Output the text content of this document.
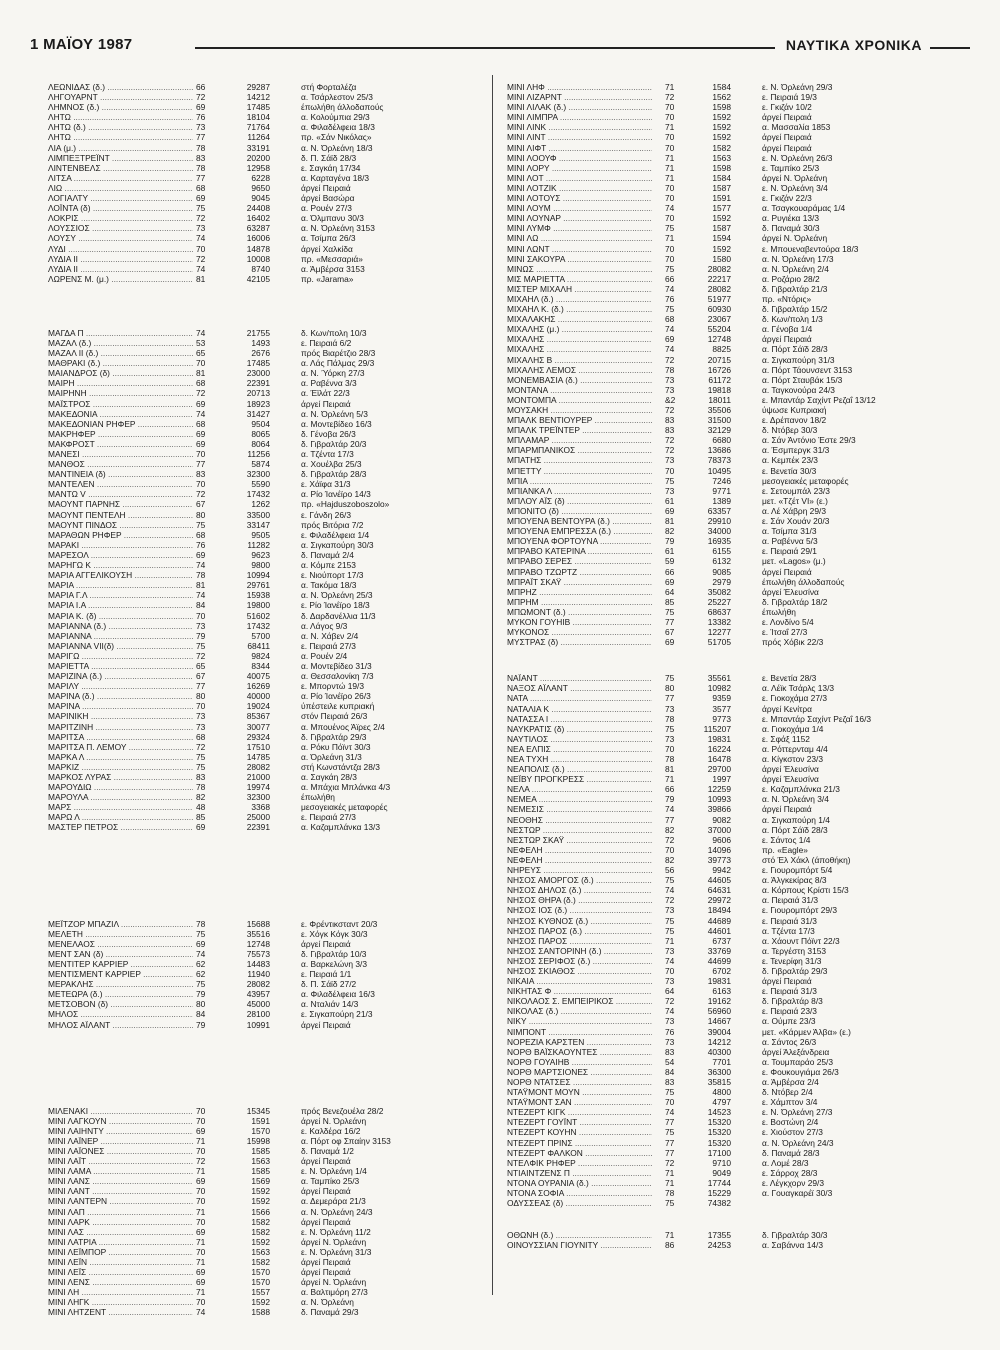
1 ΜΑΪΟΥ 1987	ΝΑΥΤΙΚΑ ΧΡΟΝΙΚΑ
ΛΕΩΝΙΔΑΣ (δ.) .....	66	29287	στή Φορταλέζα
ΛΗΓΟΥΑΡΝΤ .....	72	14212	α. Τσάρλεστον 25/3
ΛΗΜΝΟΣ (δ.) .....	69	17485	έπωλήθη άλλοδαπούς
ΛΗΤΩ .....	76	18104	α. Κολούμπια 29/3
ΛΗΤΩ (δ.) .....	73	71764	α. Φιλαδέλφεια 18/3
ΛΗΤΩ .....	77	11264	πρ. «Σάν Νικόλας»
ΛΙΑ (μ.) .....	78	33191	α. Ν. Όρλεάνη 18/3
ΛΙΜΠΕΞΤΡΕΪΝΤ .....	83	20200	δ. Π. Σάϊδ 28/3
ΛΙΝΤΕΝΒΕΛΣ .....	78	12958	ε. Σαγκάη 17/34
ΛΙΤΣΑ .....	77	6228	α. Καρταγένα 18/3
ΛΙΩ .....	68	9650	άργεί Πειραιά
ΛΟΓΙΑΛΤΥ .....	69	9045	άργεί Βασώρα
ΛΟΪΝΤΑ (δ) .....	75	24408	α. Ρουέν 27/3
ΛΟΚΡΙΣ .....	72	16402	α. Όλμπανυ 30/3
ΛΟΥΣΣΙΟΣ .....	73	63287	α. Ν. Όρλεάνη 3153
ΛΟΥΣΥ .....	74	16006	α. Τσίμπα 26/3
ΛΥΔΙ .....	70	14878	άργεί Χαλκίδα
ΛΥΔΙΑ ΙΙ .....	72	10008	πρ. «Μεσσαριά»
ΛΥΔΙΑ ΙΙ .....	74	8740	α. Άμβέρσα 3153
ΛΩΡΕΝΣ Μ. (μ.) .....	81	42105	πρ. «Jarama»
ΜΑΓΔΑ Π .....	74	21755	δ. Κων/πολη 10/3
ΜΑΖΑΛ (δ.) .....	53	1493	ε. Πειραιά 6/2
ΜΑΖΑΛ ΙΙ (δ.) .....	65	2676	πρός Βιαρέτζιο 28/3
ΜΑΘΡΑΚΙ (δ.) .....	70	17485	α. Λάς Πάλμας 29/3
ΜΑΙΑΝΔΡΟΣ (δ) .....	81	23000	α. Ν. Ύόρκη 27/3
ΜΑΙΡΗ .....	68	22391	α. Ραβέννα 3/3
ΜΑΙΡΗΝΗ .....	72	20713	α. Έϊλάτ 22/3
ΜΑΪΣΤΡΟΣ .....	69	18923	άργεί Πειραιά
ΜΑΚΕΔΟΝΙΑ .....	74	31427	α. Ν. Όρλεάνη 5/3
ΜΑΚΕΔΟΝΙΑΝ ΡΗΦΕΡ .....	68	9504	α. Μοντεβίδεο 16/3
ΜΑΚΡΗΦΕΡ .....	69	8065	δ. Γένοβα 26/3
ΜΑΚΦΡΟΣΤ .....	69	8064	δ. Γιβραλτάρ 20/3
ΜΑΝΕΣΙ .....	70	11256	α. Τζέντα 17/3
ΜΑΝΘΟΣ .....	77	5874	α. Χουέλβα 25/3
ΜΑΝΤΙΝΕΙΑ (δ) .....	83	32300	δ. Γιβραλτάρ 28/3
ΜΑΝΤΕΛΕΝ .....	70	5590	ε. Χάϊφα 31/3
ΜΑΝΤΩ V .....	72	17432	α. Ρίο Ίανέϊρο 14/3
ΜΑΟΥΝΤ ΠΑΡΝΗΣ .....	67	1262	πρ. «Hajduszoboszolo»
ΜΑΟΥΝΤ ΠΕΝΤΕΛΗ .....	80	33500	ε. Γάνδη 26/3
ΜΑΟΥΝΤ ΠΙΝΔΟΣ .....	75	33147	πρός Βιτόρια 7/2
ΜΑΡΑΘΩΝ ΡΗΦΕΡ .....	68	9505	ε. Φιλαδέλφεια 1/4
ΜΑΡΑΚΙ .....	76	11282	α. Σιγκαπούρη 30/3
ΜΑΡΕΣΟΛ .....	69	9623	δ. Παναμά 2/4
ΜΑΡΗΓΩ Κ .....	74	9800	α. Κόμπε 2153
ΜΑΡΙΑ ΑΓΓΕΛΙΚΟΥΣΗ .....	78	10994	ε. Νιούπορτ 17/3
ΜΑΡΙΑ .....	81	29761	α. Τακόμα 18/3
ΜΑΡΙΑ Γ.Λ .....	74	15938	α. Ν. Όρλεάνη 25/3
ΜΑΡΙΑ Ι.Α .....	84	19800	ε. Ρίο Ίανέϊρο 18/3
ΜΑΡΙΑ Κ. (δ) .....	70	51602	δ. Δαρδανέλλια 11/3
ΜΑΡΙΑΝΝΑ (δ.) .....	73	17432	α. Λάγος 9/3
ΜΑΡΙΑΝΝΑ .....	79	5700	α. Ν. Χάβεν 2/4
ΜΑΡΙΑΝΝΑ VII(δ) .....	75	68411	ε. Πειραιά 27/3
ΜΑΡΙΓΩ .....	72	9824	α. Ρουέν 2/4
ΜΑΡΙΕΤΤΑ .....	65	8344	α. Μοντεβίδεο 31/3
ΜΑΡΙΖΙΝΑ (δ.) .....	67	40075	α. Θεσσαλονίκη 7/3
ΜΑΡΙΛΥ .....	77	16269	ε. Μπορντώ 19/3
ΜΑΡΙΝΑ (δ.) .....	80	40000	α. Ρίο Ίανέϊρο 26/3
ΜΑΡΙΝΑ .....	70	19024	ύπέστειλε κυπριακή
ΜΑΡΙΝΙΚΗ .....	73	85367	στόν Πειραιά 26/3
ΜΑΡΙΤΖΙΝΗ .....	73	30077	α. Μπουένος Άϊρες 2/4
ΜΑΡΙΤΣΑ .....	68	29324	δ. Γιβραλτάρ 29/3
ΜΑΡΙΤΣΑ Π. ΛΕΜΟΥ .....	72	17510	α. Ρόκυ Πόϊντ 30/3
ΜΑΡΚΑ Λ .....	75	14785	α. Όρλεάνη 31/3
ΜΑΡΚΙΖ .....	75	28082	στή Κωνστάντζα 28/3
ΜΑΡΚΟΣ ΛΥΡΑΣ .....	83	21000	α. Σαγκάη 28/3
ΜΑΡΟΥΔΙΩ .....	78	19974	α. Μπάχια Μπλάνκα 4/3
ΜΑΡΟΥΛΑ .....	82	32300	έπωλήθη
ΜΑΡΣ .....	48	3368	μεσογειακές μεταφορές
ΜΑΡΩ Λ .....	85	25000	ε. Πειραιά 27/3
ΜΑΣΤΕΡ ΠΕΤΡΟΣ .....	69	22391	α. Καζαμπλάνκα 13/3
ΜΕΪΤΖΟΡ ΜΠΑΖΙΛ .....	78	15688	ε. Φρέντικσταντ 20/3
ΜΕΛΕΤΗ .....	75	35516	ε. Χόγκ Κόγκ 30/3
ΜΕΝΕΛΑΟΣ .....	69	12748	άργεί Πειραιά
ΜΕΝΤ ΣΑΝ (δ) .....	74	75573	δ. Γιβραλτάρ 10/3
ΜΕΝΤΙΤΕΡ ΚΑΡΡΙΕΡ .....	62	14483	α. Βαρκελώνη 3/3
ΜΕΝΤΙΣΜΕΝΤ ΚΑΡΡΙΕΡ .....	62	11940	ε. Πειραιά 1/1
ΜΕΡΑΚΛΗΣ .....	75	28082	δ. Π. Σάϊδ 27/2
ΜΕΤΕΩΡΑ (δ.) .....	79	43957	α. Φιλαδέλφεια 16/3
ΜΕΤΣΟΒΟΝ (δ) .....	80	45000	α. Νταλιάν 14/3
ΜΗΛΟΣ .....	84	28100	ε. Σιγκαπούρη 21/3
ΜΗΛΟΣ ΑΪΛΑΝΤ .....	79	10991	άργεί Πειραιά
ΜΙΛΕΝΑΚΙ .....	70	15345	πρός Βενεζουέλα 28/2
ΜΙΝΙ ΛΑΓΚΟΥΝ .....	70	1591	άργεί Ν. Όρλεάνη
ΜΙΝΙ ΛΑΙΗΝΤΥ .....	69	1570	ε. Καλδέρα 16/2
ΜΙΝΙ ΛΑΪΝΕΡ .....	71	15998	α. Πόρτ οφ Σπαίην 3153
ΜΙΝΙ ΛΑΪΟΝΕΣ .....	70	1585	δ. Παναμά 1/2
ΜΙΝΙ ΛΑΪΤ .....	72	1563	άργεί Πειραιά
ΜΙΝΙ ΛΑΜΑ .....	71	1585	ε. Ν. Όρλεάνη 1/4
ΜΙΝΙ ΛΑΝΣ .....	69	1569	α. Ταμπίκο 25/3
ΜΙΝΙ ΛΑΝΤ .....	70	1592	άργεί Πειραιά
ΜΙΝΙ ΛΑΝΤΕΡΝ .....	70	1592	α. Δεμεράρα 21/3
ΜΙΝΙ ΛΑΠ .....	71	1566	α. Ν. Όρλεάνη 24/3
ΜΙΝΙ ΛΑΡΚ .....	70	1582	άργεί Πειραιά
ΜΙΝΙ ΛΑΣ .....	69	1582	ε. Ν. Όρλεάνη 11/2
ΜΙΝΙ ΛΑΤΡΙΑ .....	71	1592	άργεί Ν. Όρλεάνη
ΜΙΝΙ ΛΕΪΜΠΟΡ .....	70	1563	ε. Ν. Όρλεάνη 31/3
ΜΙΝΙ ΛΕΪΝ .....	71	1582	άργεί Πειραιά
ΜΙΝΙ ΛΕΪΣ .....	69	1570	άργεί Πειραιά
ΜΙΝΙ ΛΕΝΣ .....	69	1570	άργεί Ν. Όρλεάνη
ΜΙΝΙ ΛΗ .....	71	1557	α. Βαλτιμόρη 27/3
ΜΙΝΙ ΛΗΓΚ .....	70	1592	α. Ν. Όρλεάνη
ΜΙΝΙ ΛΗΤΖΕΝΤ .....	74	1588	δ. Παναμά 29/3
ΜΙΝΙ ΛΗΦ .....	71	1584	ε. Ν. Όρλεάνη 29/3
ΜΙΝΙ ΛΙΖΑΡΝΤ .....	72	1562	ε. Πειραιά 19/3
ΜΙΝΙ ΛΙΛΑΚ (δ.) .....	70	1598	ε. Γκιζάν 10/2
ΜΙΝΙ ΛΙΜΠΡΑ .....	70	1592	άργεί Πειραιά
ΜΙΝΙ ΛΙΝΚ .....	71	1592	α. Μασσαλία 1853
ΜΙΝΙ ΛΙΝΤ .....	70	1592	άργεί Πειραιά
ΜΙΝΙ ΛΙΦΤ .....	70	1582	άργεί Πειραιά
ΜΙΝΙ ΛΟΟΥΦ .....	71	1563	ε. Ν. Όρλεάνη 26/3
ΜΙΝΙ ΛΟΡΥ .....	71	1598	ε. Ταμπίκο 25/3
ΜΙΝΙ ΛΟΤ .....	71	1584	άργεί Ν. Όρλεάνη
ΜΙΝΙ ΛΟΤΖΙΚ .....	70	1587	ε. Ν. Όρλεάνη 3/4
ΜΙΝΙ ΛΟΤΟΥΣ .....	70	1591	ε. Γκιζάν 22/3
ΜΙΝΙ ΛΟΥΜ .....	74	1577	α. Τσαγκουαράμας 1/4
ΜΙΝΙ ΛΟΥΝΑΡ .....	70	1592	α. Ρυγιέκα 13/3
ΜΙΝΙ ΛΥΜΦ .....	75	1587	δ. Παναμά 30/3
ΜΙΝΙ ΛΩ .....	71	1594	άργεί Ν. Όρλεάνη
ΜΙΝΙ ΛΩΝΤ .....	70	1592	ε. Μπουεναβεντούρα 18/3
ΜΙΝΙ ΣΑΚΟΥΡΑ .....	70	1580	α. Ν. Όρλεάνη 17/3
ΜΙΝΩΣ .....	75	28082	α. Ν. Όρλεάνη 2/4
ΜΙΣ ΜΑΡΙΕΤΤΑ .....	66	22217	α. Ροζάριο 28/2
ΜΙΣΤΕΡ ΜΙΧΑΛΗ .....	74	28082	δ. Γιβραλτάρ 21/3
ΜΙΧΑΗΛ (δ.) .....	76	51977	πρ. «Ντόρις»
ΜΙΧΑΗΛ Κ. (δ.) .....	75	60930	δ. Γιβραλτάρ 15/2
ΜΙΧΑΛΑΚΗΣ .....	68	23067	δ. Κων/πολη 1/3
ΜΙΧΑΛΗΣ (μ.) .....	74	55204	α. Γένοβα 1/4
ΜΙΧΑΛΗΣ .....	69	12748	άργεί Πειραιά
ΜΙΧΑΛΗΣ .....	74	8825	α. Πόρτ Σάϊδ 28/3
ΜΙΧΑΛΗΣ Β .....	72	20715	α. Σιγκαπούρη 31/3
ΜΙΧΑΛΗΣ ΛΕΜΟΣ .....	78	16726	α. Πόρτ Τάουνσεντ 3153
ΜΟΝΕΜΒΑΣΙΑ (δ.) .....	73	61172	α. Πόρτ Σταυβάκ 15/3
ΜΟΝΤΑΝΑ .....	73	19818	α. Ταγκονούρα 24/3
ΜΟΝΤΟΜΠΑ .....	&2	18011	ε. Μπαντάρ Σαχίντ Ρεζαΐ 13/12
ΜΟΥΣΑΚΗ .....	72	35506	ύψωσε Κυπριακή
ΜΠΑΛΚ ΒΕΝΤΙΟΥΡΕΡ .....	83	31500	ε. Δρέπανον 18/2
ΜΠΑΛΚ ΤΡΕΪΝΤΕΡ .....	83	32129	δ. Ντόβερ 30/3
ΜΠΛΑΜΑΡ .....	72	6680	α. Σάν Άντόνιο Έστε 29/3
ΜΠΑΡΜΠΑΝΙΚΟΣ .....	72	13686	α. Έσμπεργκ 31/3
ΜΠΑΤΗΣ .....	73	78373	α. Κεμπέκ 23/3
ΜΠΕΤΤΥ .....	70	10495	ε. Βενετία 30/3
ΜΠΙΑ .....	75	7246	μεσογειακές μεταφορές
ΜΠΙΑΝΚΑ Λ .....	73	9771	ε. Σετουμπάλ 23/3
ΜΠΛΟΥ ΑΪΣ (δ) .....	61	1389	μετ. «Τζέτ VI» (ε.)
ΜΠΟΝΙΤΟ (δ) .....	69	63357	α. Λέ Χάβρη 29/3
ΜΠΟΥΕΝΑ ΒΕΝΤΟΥΡΑ (δ.) .....	81	29910	ε. Σάν Χουάν 20/3
ΜΠΟΥΕΝΑ ΕΜΠΡΕΣΣΑ (δ.) .....	82	34000	α. Τσίμπα 31/3
ΜΠΟΥΕΝΑ ΦΟΡΤΟΥΝΑ .....	79	16935	α. Ραβέννα 5/3
ΜΠΡΑΒΟ ΚΑΤΕΡΙΝΑ .....	61	6155	ε. Πειραιά 29/1
ΜΠΡΑΒΟ ΣΕΡΕΣ .....	59	6132	μετ. «Lagos» (μ.)
ΜΠΡΑΒΟ ΤΖΩΡΤΖ .....	66	9085	άργεί Πειραιά
ΜΠΡΑΪΤ ΣΚΑΫ .....	69	2979	έπωλήθη άλλοδαπούς
ΜΠΡΗΖ .....	64	35082	άργεί Έλευσίνα
ΜΠΡΗΜ .....	85	25227	δ. Γιβραλτάρ 18/2
ΜΠΩΜΟΝΤ (δ.) .....	75	68637	έπωλήθη
ΜΥΚΟΝ ΓΟΥΗΙΒ .....	77	13382	ε. Λονδίνο 5/4
ΜΥΚΟΝΟΣ .....	67	12277	ε. Ίτσαΐ 27/3
ΜΥΣΤΡΑΣ (δ) .....	69	51705	πρός Χόβικ 22/3
ΝΑΪΑΝΤ .....	75	35561	ε. Βενετία 28/3
ΝΑΞΟΣ ΑΪΛΑΝΤ .....	80	10982	α. Λέϊκ Τσάρλς 13/3
ΝΑΤΑ .....	77	9359	ε. Γιοκοχάμα 27/3
ΝΑΤΑΛΙΑ Κ .....	73	3577	άργεί Κενίτρα
ΝΑΤΑΣΣΑ Ι .....	78	9773	ε. Μπαντάρ Σαχίντ Ρεζαΐ 16/3
ΝΑΥΚΡΑΤΙΣ (δ) .....	75	115207	α. Γιοκοχάμα 1/4
ΝΑΥΤΙΛΟΣ .....	73	19831	ε. Σφάξ 1152
ΝΕΑ ΕΛΠΙΣ .....	70	16224	α. Ρόττερνταμ 4/4
ΝΕΑ ΤΥΧΗ .....	78	16478	α. Κίγκστον 23/3
ΝΕΑΠΟΛΙΣ (δ.) .....	81	29700	άργεί Έλευσίνα
ΝΕΪΒΥ ΠΡΟΓΚΡΕΣΣ .....	71	1997	άργεί Έλευσίνα
ΝΕΛΑ .....	66	12259	ε. Καζαμπλάνκα 21/3
ΝΕΜΕΑ .....	79	10993	α. Ν. Όρλεάνη 3/4
ΝΕΜΕΣΙΣ .....	74	39866	άργεί Πειραιά
ΝΕΟΘΗΣ .....	77	9082	α. Σιγκαπούρη 1/4
ΝΕΣΤΩΡ .....	82	37000	α. Πόρτ Σάϊδ 28/3
ΝΕΣΤΩΡ ΣΚΑΫ .....	72	9606	ε. Σάντος 1/4
ΝΕΦΕΛΗ .....	70	14096	πρ. «Eagle»
ΝΕΦΕΛΗ .....	82	39773	στό Έλ Χάκλ (άποθήκη)
ΝΗΡΕΥΣ .....	56	9942	ε. Γιουρομπόρτ 5/4
ΝΗΣΟΣ ΑΜΟΡΓΟΣ (δ.) .....	75	44605	α. Άλγκεκίρας 8/3
ΝΗΣΟΣ ΔΗΛΟΣ (δ.) .....	74	64631	α. Κόρπους Κρίστι 15/3
ΝΗΣΟΣ ΘΗΡΑ (δ.) .....	72	29972	α. Πειραιά 31/3
ΝΗΣΟΣ ΙΟΣ (δ.) .....	73	18494	ε. Γιουρομπόρτ 29/3
ΝΗΣΟΣ ΚΥΘΝΟΣ (δ.) .....	75	44689	ε. Πειραιά 31/3
ΝΗΣΟΣ ΠΑΡΟΣ (δ.) .....	75	44601	α. Τζέντα 17/3
ΝΗΣΟΣ ΠΑΡΟΣ .....	71	6737	α. Χάουντ Πόϊντ 22/3
ΝΗΣΟΣ ΣΑΝΤΟΡΙΝΗ (δ.) .....	73	33769	α. Τεργέστη 3153
ΝΗΣΟΣ ΣΕΡΙΦΟΣ (δ.) .....	74	44699	ε. Τενερίφη 31/3
ΝΗΣΟΣ ΣΚΙΑΘΟΣ .....	70	6702	δ. Γιβραλτάρ 29/3
ΝΙΚΑΙΑ .....	73	19831	άργεί Πειραιά
ΝΙΚΗΤΑΣ Φ .....	64	6163	ε. Πειραιά 31/3
ΝΙΚΟΛΑΟΣ Σ. ΕΜΠΕΙΡΙΚΟΣ .....	72	19162	δ. Γιβραλτάρ 8/3
ΝΙΚΟΛΑΣ (δ.) .....	74	56960	ε. Πειραιά 23/3
ΝΙΚΥ .....	73	14667	α. Ούμπε 23/3
ΝΙΜΠΟΝΤ .....	76	39004	μετ. «Κάρμεν Άλβα» (ε.)
ΝΟΡΕΖΙΑ ΚΑΡΣΤΕΝ .....	73	14212	α. Σάντος 26/3
ΝΟΡΘ ΒΑΪΣΚΑΟΥΝΤΕΣ .....	83	40300	άργεί Άλεξάνδρεια
ΝΟΡΘ ΓΟΥΑΙΗΒ .....	54	7701	α. Τουμπαράο 25/3
ΝΟΡΘ ΜΑΡΤΣΙΟΝΕΣ .....	84	36300	ε. Φουκουγιάμα 26/3
ΝΟΡΘ ΝΤΑΤΣΕΣ .....	83	35815	α. Άμβέρσα 2/4
ΝΤΑΫΜΟΝΤ ΜΟΥΝ .....	75	4800	δ. Ντόβερ 2/4
ΝΤΑΫΜΟΝΤ ΣΑΝ .....	70	4797	ε. Χάμπτον 3/4
ΝΤΕΖΕΡΤ ΚΙΓΚ .....	74	14523	ε. Ν. Όρλεάνη 27/3
ΝΤΕΖΕΡΤ ΓΟΥΪΝΤ .....	77	15320	ε. Βοστώνη 2/4
ΝΤΕΖΕΡΤ ΚΟΥΗΝ .....	75	15320	ε. Χιούστον 27/3
ΝΤΕΖΕΡΤ ΠΡΙΝΣ .....	77	15320	α. Ν. Όρλεάνη 24/3
ΝΤΕΖΕΡΤ ΦΑΛΚΟΝ .....	77	17100	δ. Παναμά 28/3
ΝΤΕΛΦΙΚ ΡΗΦΕΡ .....	72	9710	α. Λομέ 28/3
ΝΤΙΑΙΝΤΖΕΝΣ Π .....	71	9049	ε. Σάρροχ 28/3
ΝΤΟΝΑ ΟΥΡΑΝΙΑ (δ.) .....	71	17744	ε. Λέγκχορν 29/3
ΝΤΟΝΑ ΣΟΦΙΑ .....	78	15229	α. Γουαγκαρέϊ 30/3
ΟΔΥΣΣΕΑΣ (δ) .....	75	74382
ΟΘΩΝΗ (δ.) .....	71	17355	δ. Γιβραλτάρ 30/3
ΟΙΝΟΥΣΣΙΑΝ ΓΙΟΥΝΙΤΥ .....	86	24253	α. Σαβάννα 14/3
